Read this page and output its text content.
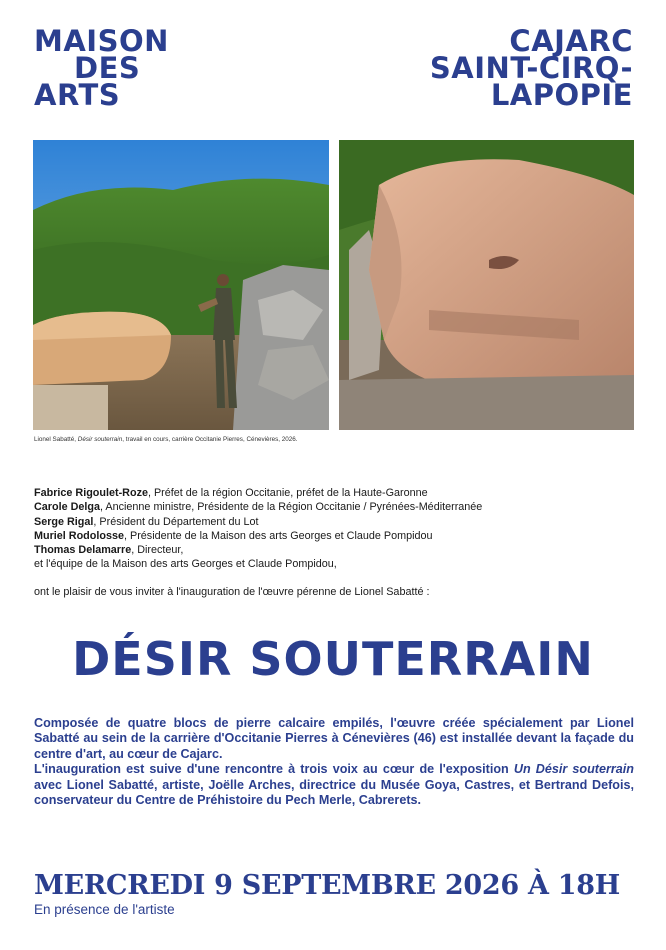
MAISON
DES
ARTS
CAJARC
SAINT-CIRQ-
LAPOPIE
Lionel Sabatté, Désir souterrain, travail en cours, carrière Occitanie Pierres, Cénevières, 2026.
Fabrice Rigoulet-Roze, Préfet de la région Occitanie, préfet de la Haute-Garonne
Carole Delga, Ancienne ministre, Présidente de la Région Occitanie / Pyrénées-Méditerranée
Serge Rigal, Président du Département du Lot
Muriel Rodolosse, Présidente de la Maison des arts Georges et Claude Pompidou
Thomas Delamarre, Directeur,
et l'équipe de la Maison des arts Georges et Claude Pompidou,
ont le plaisir de vous inviter à l'inauguration de l'œuvre pérenne de Lionel Sabatté :
DÉSIR SOUTERRAIN

Composée de quatre blocs de pierre calcaire empilés, l'œuvre créée spécialement par Lionel Sabatté au sein de la carrière d'Occitanie Pierres à Cénevières (46) est installée devant la façade du centre d'art, au cœur de Cajarc.

L'inauguration est suive d'une rencontre à trois voix au cœur de l'exposition Un Désir souterrain avec Lionel Sabatté, artiste, Joëlle Arches, directrice du Musée Goya, Castres, et Bertrand Defois, conservateur du Centre de Préhistoire du Pech Merle, Cabrerets.

MERCREDI 9 SEPTEMBRE 2026 À 18H
En présence de l'artiste
